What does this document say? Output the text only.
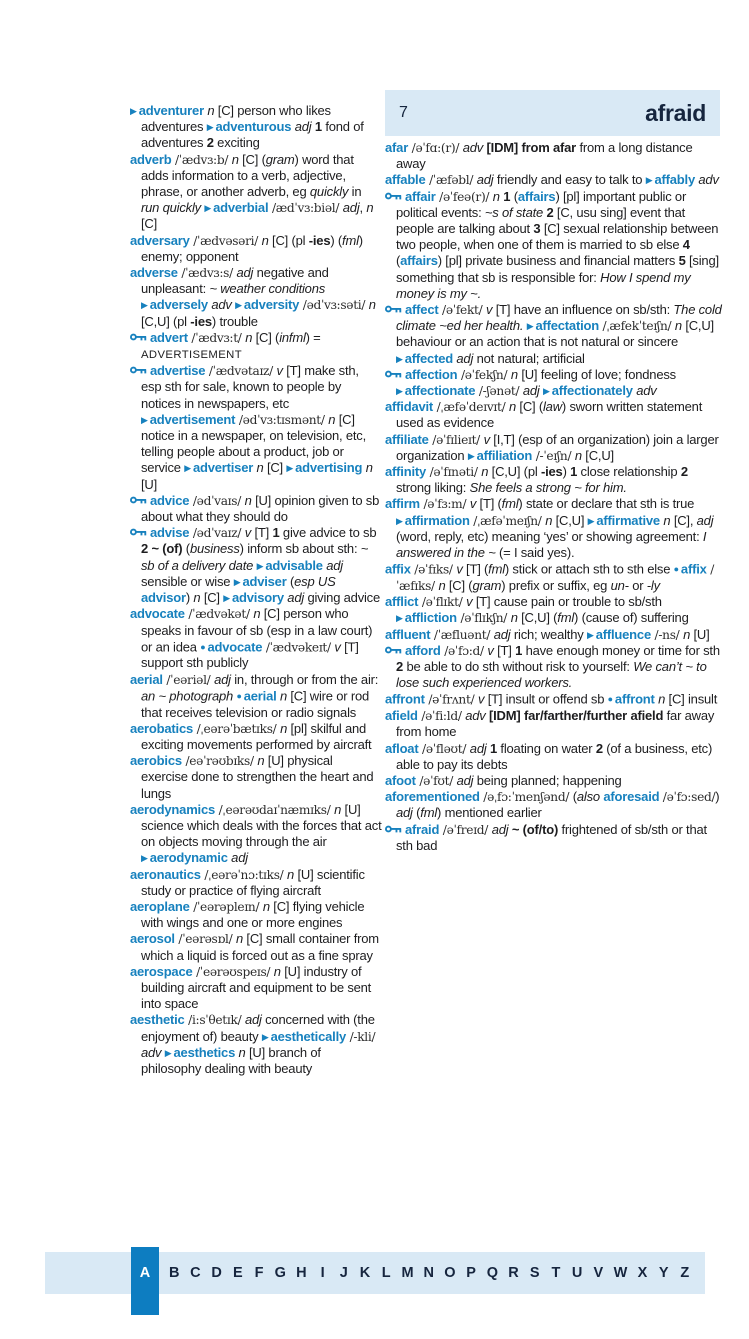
7	afraid
▶ adventurer n [C] person who likes adventures ▶ adventurous adj 1 fond of adventures 2 exciting
adverb /ˈædvɜ:b/ n [C] (gram) word that adds information to a verb, adjective, phrase, or another adverb, eg quickly in run quickly ▶ adverbial /ædˈvɜ:biəl/ adj, n [C]
adversary /ˈædvəsəri/ n [C] (pl -ies) (fml) enemy; opponent
adverse /ˈædvɜ:s/ adj negative and unpleasant: ~ weather conditions ▶ adversely adv ▶ adversity /ədˈvɜ:səti/ n [C,U] (pl -ies) trouble
advert /ˈædvɜ:t/ n [C] (infml) = ADVERTISEMENT
advertise /ˈædvətaɪz/ v [T] make sth, esp sth for sale, known to people by notices in newspapers, etc ▶ advertisement /ədˈvɜ:tɪsmənt/ n [C] notice in a newspaper, on television, etc, telling people about a product, job or service ▶ advertiser n [C] ▶ advertising n [U]
advice /ədˈvaɪs/ n [U] opinion given to sb about what they should do
advise /ədˈvaɪz/ v [T] 1 give advice to sb 2 ~ (of) (business) inform sb about sth: ~ sb of a delivery date ▶ advisable adj sensible or wise ▶ adviser (esp US advisor) n [C] ▶ advisory adj giving advice
advocate /ˈædvəkət/ n [C] person who speaks in favour of sb (esp in a law court) or an idea ● advocate /ˈædvəkeɪt/ v [T] support sth publicly
aerial /ˈeəriəl/ adj in, through or from the air: an ~ photograph ● aerial n [C] wire or rod that receives television or radio signals
aerobatics /ˌeərəˈbætɪks/ n [pl] skilful and exciting movements performed by aircraft
aerobics /eəˈrəʊbɪks/ n [U] physical exercise done to strengthen the heart and lungs
aerodynamics /ˌeərəʊdaɪˈnæmɪks/ n [U] science which deals with the forces that act on objects moving through the air ▶ aerodynamic adj
aeronautics /ˌeərəˈnɔ:tɪks/ n [U] scientific study or practice of flying aircraft
aeroplane /ˈeərəpleɪn/ n [C] flying vehicle with wings and one or more engines
aerosol /ˈeərəsɒl/ n [C] small container from which a liquid is forced out as a fine spray
aerospace /ˈeərəʊspeɪs/ n [U] industry of building aircraft and equipment to be sent into space
aesthetic /i:sˈθetɪk/ adj concerned with (the enjoyment of) beauty ▶ aesthetically /-kli/ adv ▶ aesthetics n [U] branch of philosophy dealing with beauty
afar /əˈfɑ:(r)/ adv [IDM] from afar from a long distance away
affable /ˈæfəbl/ adj friendly and easy to talk to ▶ affably adv
affair /əˈfeə(r)/ n 1 (affairs) [pl] important public or political events: ~s of state 2 [C, usu sing] event that people are talking about 3 [C] sexual relationship between two people, when one of them is married to sb else 4 (affairs) [pl] private business and financial matters 5 [sing] something that sb is responsible for: How I spend my money is my ~.
affect /əˈfekt/ v [T] have an influence on sb/sth: The cold climate ~ed her health. ▶ affectation /ˌæfekˈteɪʃn/ n [C,U] behaviour or an action that is not natural or sincere ▶ affected adj not natural; artificial
affection /əˈfekʃn/ n [U] feeling of love; fondness ▶ affectionate /-ʃənət/ adj ▶ affectionately adv
affidavit /ˌæfəˈdeɪvɪt/ n [C] (law) sworn written statement used as evidence
affiliate /əˈfɪlieɪt/ v [I,T] (esp of an organization) join a larger organization ▶ affiliation /-ˈeɪʃn/ n [C,U]
affinity /əˈfɪnəti/ n [C,U] (pl -ies) 1 close relationship 2 strong liking: She feels a strong ~ for him.
affirm /əˈfɜ:m/ v [T] (fml) state or declare that sth is true ▶ affirmation /ˌæfəˈmeɪʃn/ n [C,U] ▶ affirmative n [C], adj (word, reply, etc) meaning ‘yes’ or showing agreement: I answered in the ~ (= I said yes).
affix /əˈfɪks/ v [T] (fml) stick or attach sth to sth else ● affix /ˈæfɪks/ n [C] (gram) prefix or suffix, eg un- or -ly
afflict /əˈflɪkt/ v [T] cause pain or trouble to sb/sth ▶ affliction /əˈflɪkʃn/ n [C,U] (fml) (cause of) suffering
affluent /ˈæfluənt/ adj rich; wealthy ▶ affluence /-ns/ n [U]
afford /əˈfɔ:d/ v [T] 1 have enough money or time for sth 2 be able to do sth without risk to yourself: We can’t ~ to lose such experienced workers.
affront /əˈfrʌnt/ v [T] insult or offend sb ● affront n [C] insult
afield /əˈfi:ld/ adv [IDM] far/farther/further afield far away from home
afloat /əˈfləʊt/ adj 1 floating on water 2 (of a business, etc) able to pay its debts
afoot /əˈfʊt/ adj being planned; happening
aforementioned /əˌfɔ:ˈmenʃənd/ (also aforesaid /əˈfɔ:sed/) adj (fml) mentioned earlier
afraid /əˈfreɪd/ adj ~ (of/to) frightened of sb/sth or that sth bad
A	B C D E F G H I J K L M N O P Q R S T U V W X Y Z
